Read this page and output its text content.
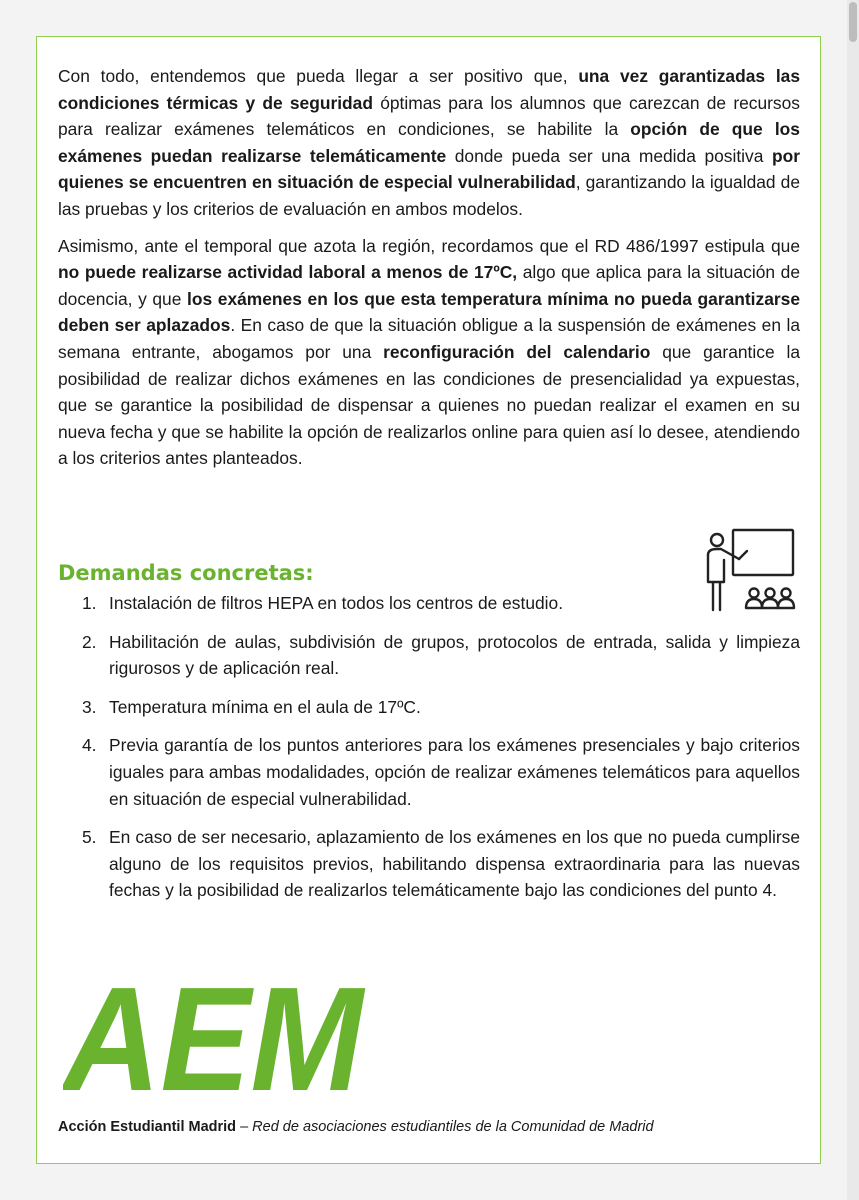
Con todo, entendemos que pueda llegar a ser positivo que, una vez garantizadas las condiciones térmicas y de seguridad óptimas para los alumnos que carezcan de recursos para realizar exámenes telemáticos en condiciones, se habilite la opción de que los exámenes puedan realizarse telemáticamente donde pueda ser una medida positiva por quienes se encuentren en situación de especial vulnerabilidad, garantizando la igualdad de las pruebas y los criterios de evaluación en ambos modelos.

Asimismo, ante el temporal que azota la región, recordamos que el RD 486/1997 estipula que no puede realizarse actividad laboral a menos de 17ºC, algo que aplica para la situación de docencia, y que los exámenes en los que esta temperatura mínima no pueda garantizarse deben ser aplazados. En caso de que la situación obligue a la suspensión de exámenes en la semana entrante, abogamos por una reconfiguración del calendario que garantice la posibilidad de realizar dichos exámenes en las condiciones de presencialidad ya expuestas, que se garantice la posibilidad de dispensar a quienes no puedan realizar el examen en su nueva fecha y que se habilite la opción de realizarlos online para quien así lo desee, atendiendo a los criterios antes planteados.

Demandas concretas:
1. Instalación de filtros HEPA en todos los centros de estudio.
2. Habilitación de aulas, subdivisión de grupos, protocolos de entrada, salida y limpieza rigurosos y de aplicación real.
3. Temperatura mínima en el aula de 17ºC.
4. Previa garantía de los puntos anteriores para los exámenes presenciales y bajo criterios iguales para ambas modalidades, opción de realizar exámenes telemáticos para aquellos en situación de especial vulnerabilidad.
5. En caso de ser necesario, aplazamiento de los exámenes en los que no pueda cumplirse alguno de los requisitos previos, habilitando dispensa extraordinaria para las nuevas fechas y la posibilidad de realizarlos telemáticamente bajo las condiciones del punto 4.
AEM

Acción Estudiantil Madrid – Red de asociaciones estudiantiles de la Comunidad de Madrid
